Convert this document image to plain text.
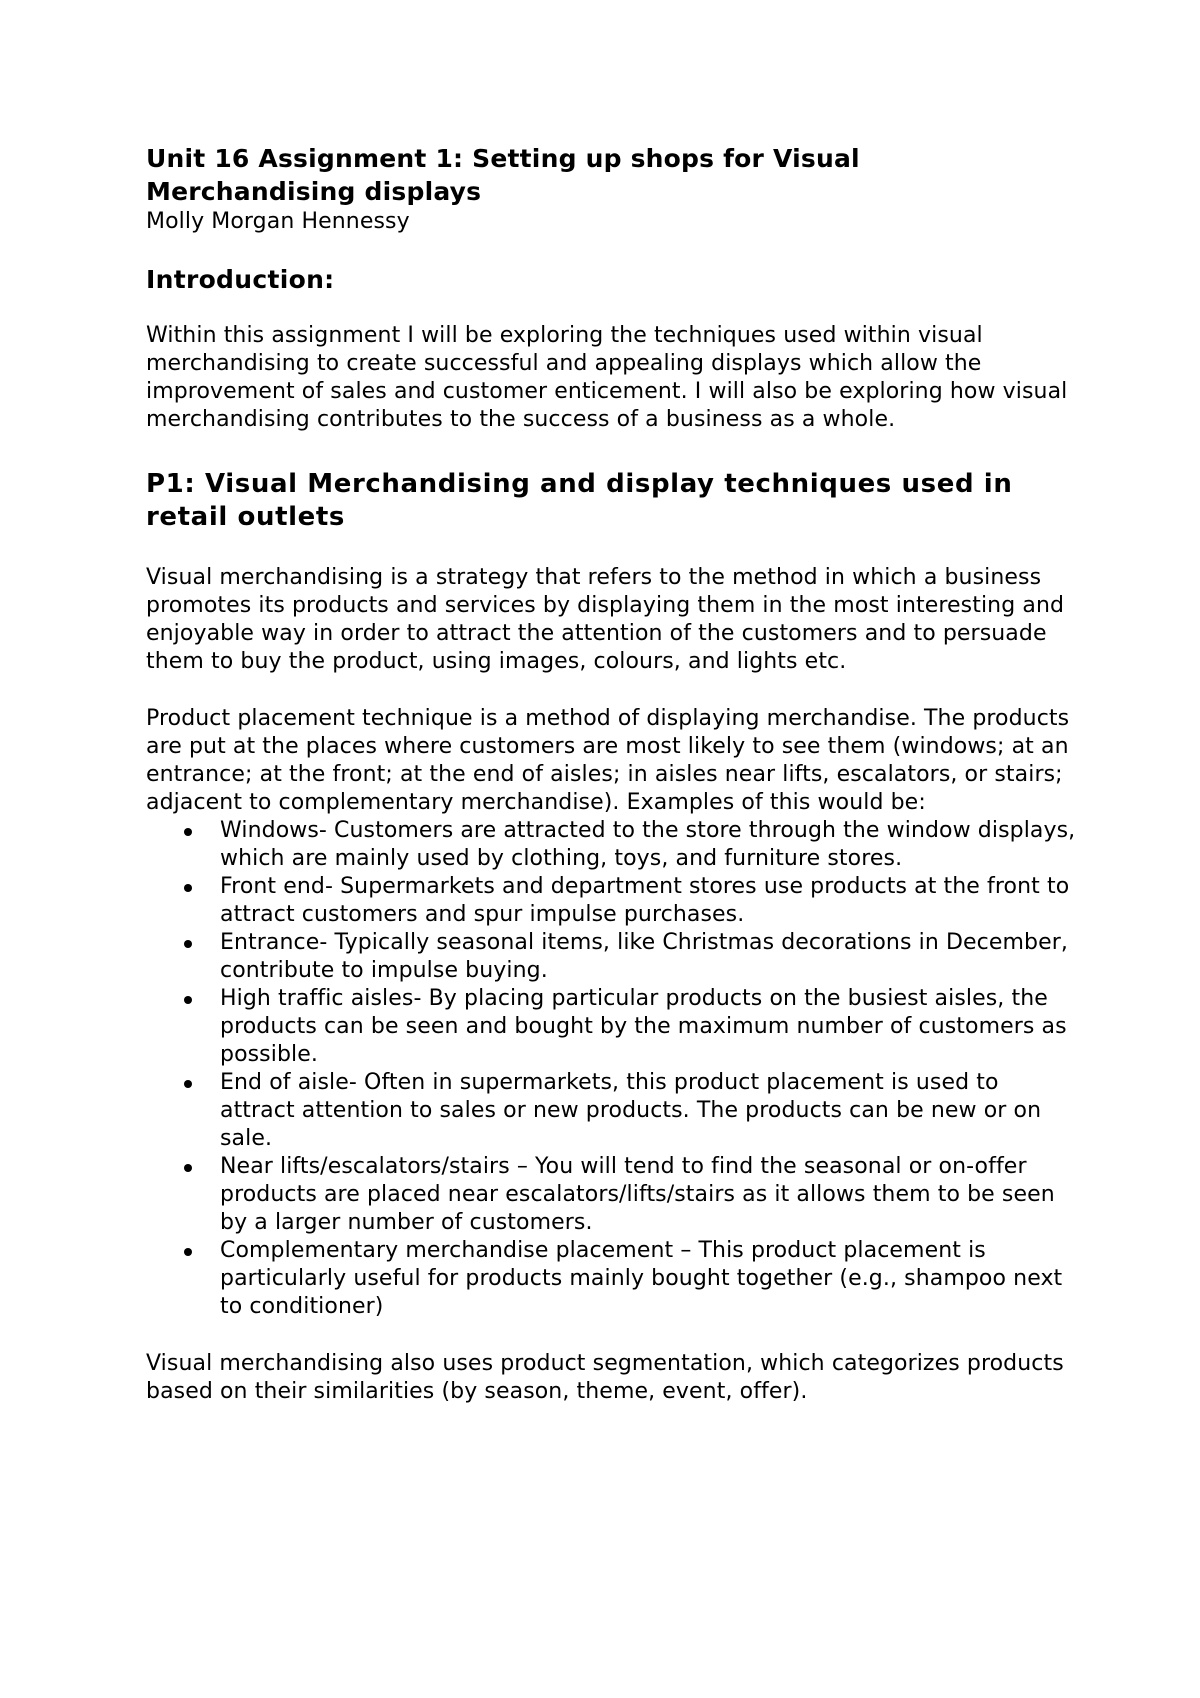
Unit 16 Assignment 1: Setting up shops for Visual Merchandising displays

Molly Morgan Hennessy

Introduction:

Within this assignment I will be exploring the techniques used within visual merchandising to create successful and appealing displays which allow the improvement of sales and customer enticement. I will also be exploring how visual merchandising contributes to the success of a business as a whole.

P1: Visual Merchandising and display techniques used in retail outlets

Visual merchandising is a strategy that refers to the method in which a business promotes its products and services by displaying them in the most interesting and enjoyable way in order to attract the attention of the customers and to persuade them to buy the product, using images, colours, and lights etc.

Product placement technique is a method of displaying merchandise. The products are put at the places where customers are most likely to see them (windows; at an entrance; at the front; at the end of aisles; in aisles near lifts, escalators, or stairs; adjacent to complementary merchandise). Examples of this would be:

Windows- Customers are attracted to the store through the window displays, which are mainly used by clothing, toys, and furniture stores.
Front end- Supermarkets and department stores use products at the front to attract customers and spur impulse purchases.
Entrance- Typically seasonal items, like Christmas decorations in December, contribute to impulse buying.
High traffic aisles- By placing particular products on the busiest aisles, the products can be seen and bought by the maximum number of customers as possible.
End of aisle- Often in supermarkets, this product placement is used to attract attention to sales or new products. The products can be new or on sale.
Near lifts/escalators/stairs – You will tend to find the seasonal or on-offer products are placed near escalators/lifts/stairs as it allows them to be seen by a larger number of customers.
Complementary merchandise placement – This product placement is particularly useful for products mainly bought together (e.g., shampoo next to conditioner)

Visual merchandising also uses product segmentation, which categorizes products based on their similarities (by season, theme, event, offer).
